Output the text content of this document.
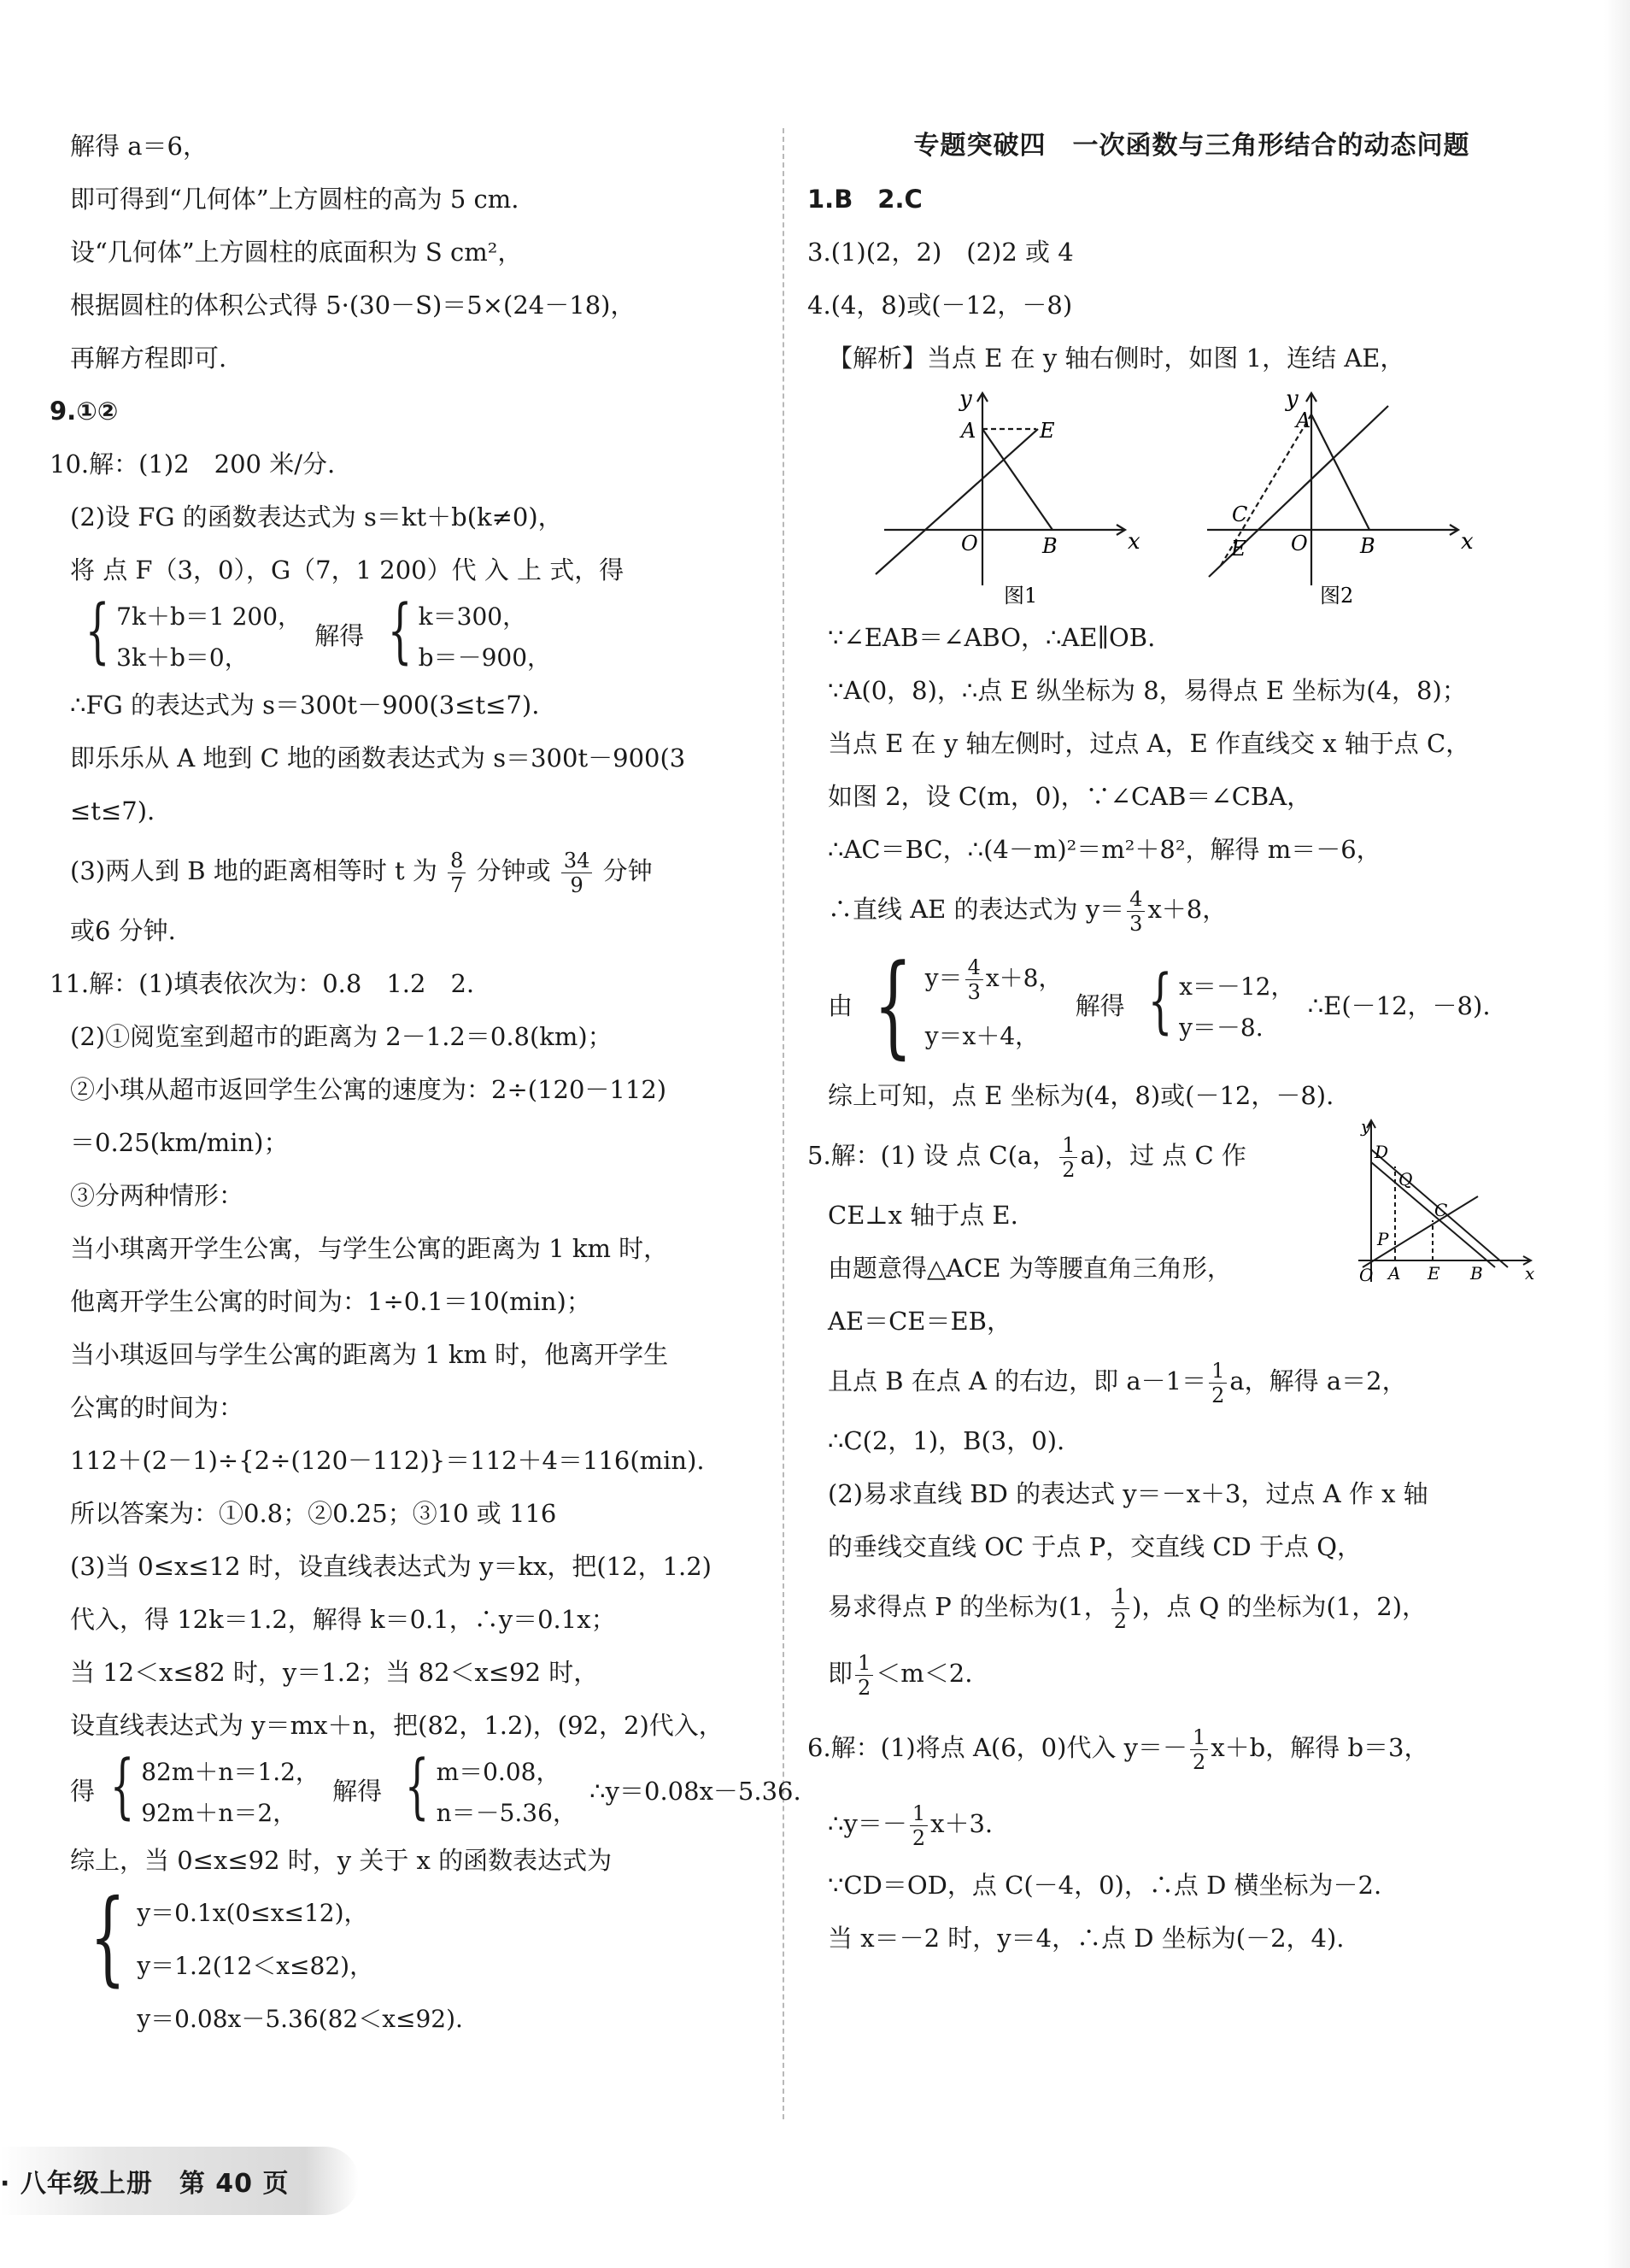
解得 a＝6，
即可得到“几何体”上方圆柱的高为 5 cm.
设“几何体”上方圆柱的底面积为 S cm²，
根据圆柱的体积公式得 5·(30－S)＝5×(24－18)，
再解方程即可.
9.①②
10.解：(1)2　200 米/分.
(2)设 FG 的函数表达式为 s＝kt＋b(k≠0)，
将 点 F（3，0），G（7，1 200）代 入 上 式，得
{ 7k＋b＝1 200，
3k＋b＝0，
解得 { k＝300，
b＝－900，
∴FG 的表达式为 s＝300t－900(3≤t≤7).
即乐乐从 A 地到 C 地的函数表达式为 s＝300t－900(3
≤t≤7).
(3)两人到 B 地的距离相等时 t 为 $\frac{8}{7}$ 分钟或 $\frac{34}{9}$ 分钟
或6 分钟.
11.解：(1)填表依次为：0.8　1.2　2.
(2)①阅览室到超市的距离为 2－1.2＝0.8(km)；
②小琪从超市返回学生公寓的速度为：2÷(120－112)
＝0.25(km/min)；
③分两种情形：
当小琪离开学生公寓，与学生公寓的距离为 1 km 时，
他离开学生公寓的时间为：1÷0.1＝10(min)；
当小琪返回与学生公寓的距离为 1 km 时，他离开学生
公寓的时间为：
112＋(2－1)÷{2÷(120－112)}＝112＋4＝116(min).
所以答案为：①0.8；②0.25；③10 或 116
(3)当 0≤x≤12 时，设直线表达式为 y＝kx，把(12，1.2)
代入，得 12k＝1.2，解得 k＝0.1，∴y＝0.1x；
当 12＜x≤82 时，y＝1.2；当 82＜x≤92 时，
设直线表达式为 y＝mx＋n，把(82，1.2)，(92，2)代入，
得 { 82m＋n＝1.2，
92m＋n＝2，
解得 { m＝0.08，
n＝－5.36，
∴y＝0.08x－5.36.
综上，当 0≤x≤92 时，y 关于 x 的函数表达式为
{ y＝0.1x(0≤x≤12)，
y＝1.2(12＜x≤82)，
y＝0.08x－5.36(82＜x≤92).
专题突破四　一次函数与三角形结合的动态问题
1.B　2.C
3.(1)(2，2)　(2)2 或 4
4.(4，8)或(－12，－8)
【解析】当点 E 在 y 轴右侧时，如图 1，连结 AE，
y
x
A	E
O	B
图1
y
x
A
C
E O	B
图2
∵∠EAB＝∠ABO，∴AE∥OB.
∵A(0，8)，∴点 E 纵坐标为 8，易得点 E 坐标为(4，8)；
当点 E 在 y 轴左侧时，过点 A，E 作直线交 x 轴于点 C，
如图 2，设 C(m，0)，∵∠CAB＝∠CBA，
∴AC＝BC，∴(4－m)²＝m²＋8²，解得 m＝－6，
∴直线 AE 的表达式为 $y= \frac{4}{3} x+8$，
由 { $y= \frac{4}{3} x+8$，
y＝x＋4，
解得 { x＝－12，
y＝－8.
∴E(－12，－8).
综上可知，点 E 坐标为(4，8)或(－12，－8).
5.解：(1) 设 点 C(a， $\frac{1}{2} a$)，过 点 C 作
CE⊥x 轴于点 E.
由题意得△ACE 为等腰直角三角形，
AE＝CE＝EB，
y
x
D
Q
C
P
O A E B
且点 B 在点 A 的右边，即 $a-1= \frac{1}{2}$ a，解得 a＝2，
∴C(2，1)，B(3，0).
(2)易求直线 BD 的表达式 y＝－x＋3，过点 A 作 x 轴
的垂线交直线 OC 于点 P，交直线 CD 于点 Q，
易求得点 P 的坐标为(1， $\frac{1}{2}$ )，点 Q 的坐标为(1，2)，
即 $\frac{1}{2} <m<2$.
6.解：(1)将点 A(6，0)代入 $y=- \frac{1}{2} x+b$，解得 b＝3，
∴y＝－ $\frac{1}{2} x+3$.
∵CD＝OD，点 C(－4，0)，∴点 D 横坐标为－2.
当 x＝－2 时，y＝4，∴点 D 坐标为(－2，4).
· 八年级上册　第 40 页
